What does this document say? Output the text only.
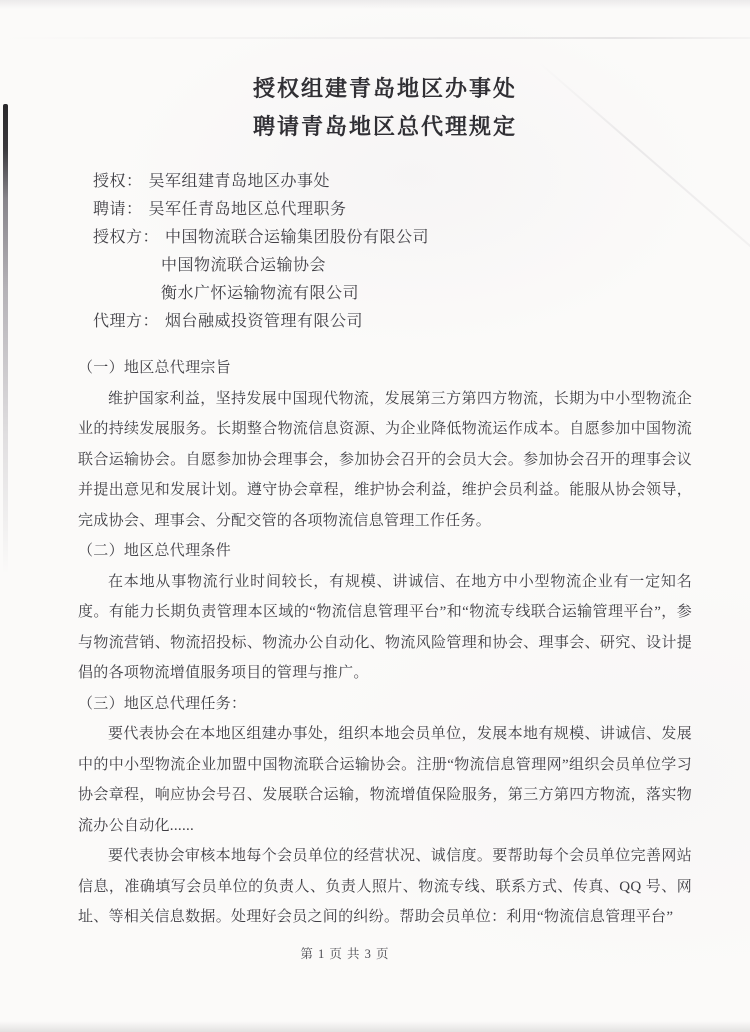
授权组建青岛地区办事处
聘请青岛地区总代理规定
授权： 吴军组建青岛地区办事处
聘请： 吴军任青岛地区总代理职务
授权方： 中国物流联合运输集团股份有限公司
中国物流联合运输协会
衡水广怀运输物流有限公司
代理方： 烟台融威投资管理有限公司
（一）地区总代理宗旨

维护国家利益，坚持发展中国现代物流，发展第三方第四方物流，长期为中小型物流企业的持续发展服务。长期整合物流信息资源、为企业降低物流运作成本。自愿参加中国物流联合运输协会。自愿参加协会理事会，参加协会召开的会员大会。参加协会召开的理事会议并提出意见和发展计划。遵守协会章程，维护协会利益，维护会员利益。能服从协会领导，完成协会、理事会、分配交管的各项物流信息管理工作任务。

（二）地区总代理条件

在本地从事物流行业时间较长，有规模、讲诚信、在地方中小型物流企业有一定知名度。有能力长期负责管理本区域的“物流信息管理平台”和“物流专线联合运输管理平台”，参与物流营销、物流招投标、物流办公自动化、物流风险管理和协会、理事会、研究、设计提倡的各项物流增值服务项目的管理与推广。

（三）地区总代理任务：

要代表协会在本地区组建办事处，组织本地会员单位，发展本地有规模、讲诚信、发展中的中小型物流企业加盟中国物流联合运输协会。注册“物流信息管理网”组织会员单位学习协会章程，响应协会号召、发展联合运输，物流增值保险服务，第三方第四方物流，落实物流办公自动化......

要代表协会审核本地每个会员单位的经营状况、诚信度。要帮助每个会员单位完善网站信息，准确填写会员单位的负责人、负责人照片、物流专线、联系方式、传真、QQ 号、网址、等相关信息数据。处理好会员之间的纠纷。帮助会员单位：利用“物流信息管理平台”

第 1 页 共 3 页
